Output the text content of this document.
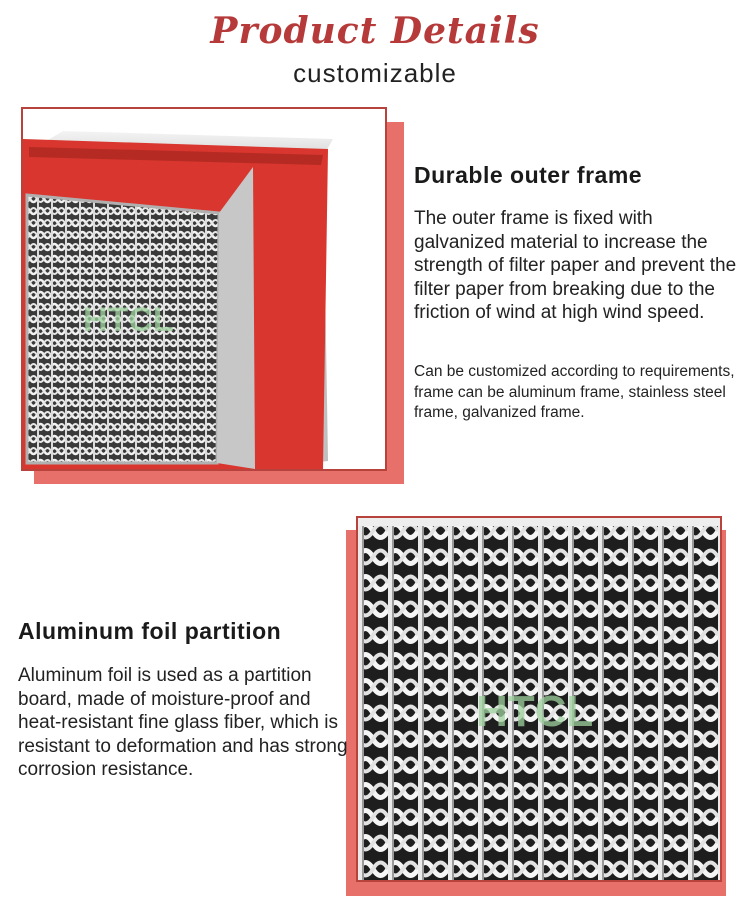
Product Details
customizable
HTCL
Durable outer frame
The outer frame is fixed with galvanized material to increase the strength of filter paper and prevent the filter paper from breaking due to the friction of wind at high wind speed.
Can be customized according to requirements, frame can be aluminum frame, stainless steel frame, galvanized frame.
HTCL
Aluminum foil partition
Aluminum foil is used as a partition board, made of moisture-proof and heat-resistant fine glass fiber, which is resistant to deformation and has strong corrosion resistance.
